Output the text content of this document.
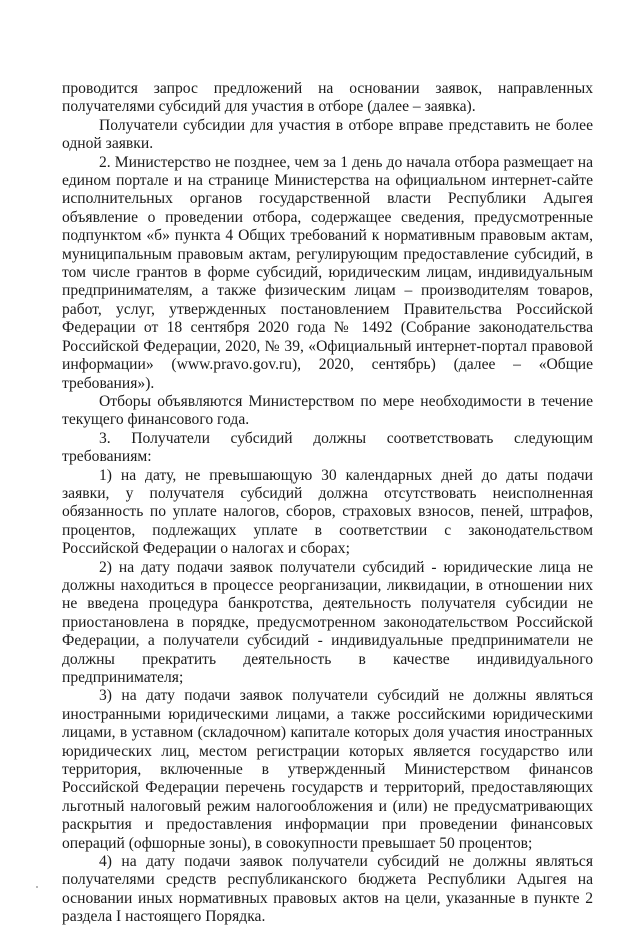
проводится запрос предложений на основании заявок, направленных получателями субсидий для участия в отборе (далее – заявка).

Получатели субсидии для участия в отборе вправе представить не более одной заявки.

2. Министерство не позднее, чем за 1 день до начала отбора размещает на едином портале и на странице Министерства на официальном интернет-сайте исполнительных органов государственной власти Республики Адыгея объявление о проведении отбора, содержащее сведения, предусмотренные подпунктом «б» пункта 4 Общих требований к нормативным правовым актам, муниципальным правовым актам, регулирующим предоставление субсидий, в том числе грантов в форме субсидий, юридическим лицам, индивидуальным предпринимателям, а также физическим лицам – производителям товаров, работ, услуг, утвержденных постановлением Правительства Российской Федерации от 18 сентября 2020 года № 1492 (Собрание законодательства Российской Федерации, 2020, № 39, «Официальный интернет-портал правовой информации» (www.pravo.gov.ru), 2020, сентябрь) (далее – «Общие требования»).

Отборы объявляются Министерством по мере необходимости в течение текущего финансового года.

3. Получатели субсидий должны соответствовать следующим требованиям:

1) на дату, не превышающую 30 календарных дней до даты подачи заявки, у получателя субсидий должна отсутствовать неисполненная обязанность по уплате налогов, сборов, страховых взносов, пеней, штрафов, процентов, подлежащих уплате в соответствии с законодательством Российской Федерации о налогах и сборах;

2) на дату подачи заявок получатели субсидий - юридические лица не должны находиться в процессе реорганизации, ликвидации, в отношении них не введена процедура банкротства, деятельность получателя субсидии не приостановлена в порядке, предусмотренном законодательством Российской Федерации, а получатели субсидий - индивидуальные предприниматели не должны прекратить деятельность в качестве индивидуального предпринимателя;

3) на дату подачи заявок получатели субсидий не должны являться иностранными юридическими лицами, а также российскими юридическими лицами, в уставном (складочном) капитале которых доля участия иностранных юридических лиц, местом регистрации которых является государство или территория, включенные в утвержденный Министерством финансов Российской Федерации перечень государств и территорий, предоставляющих льготный налоговый режим налогообложения и (или) не предусматривающих раскрытия и предоставления информации при проведении финансовых операций (офшорные зоны), в совокупности превышает 50 процентов;

4) на дату подачи заявок получатели субсидий не должны являться получателями средств республиканского бюджета Республики Адыгея на основании иных нормативных правовых актов на цели, указанные в пункте 2 раздела I настоящего Порядка.
